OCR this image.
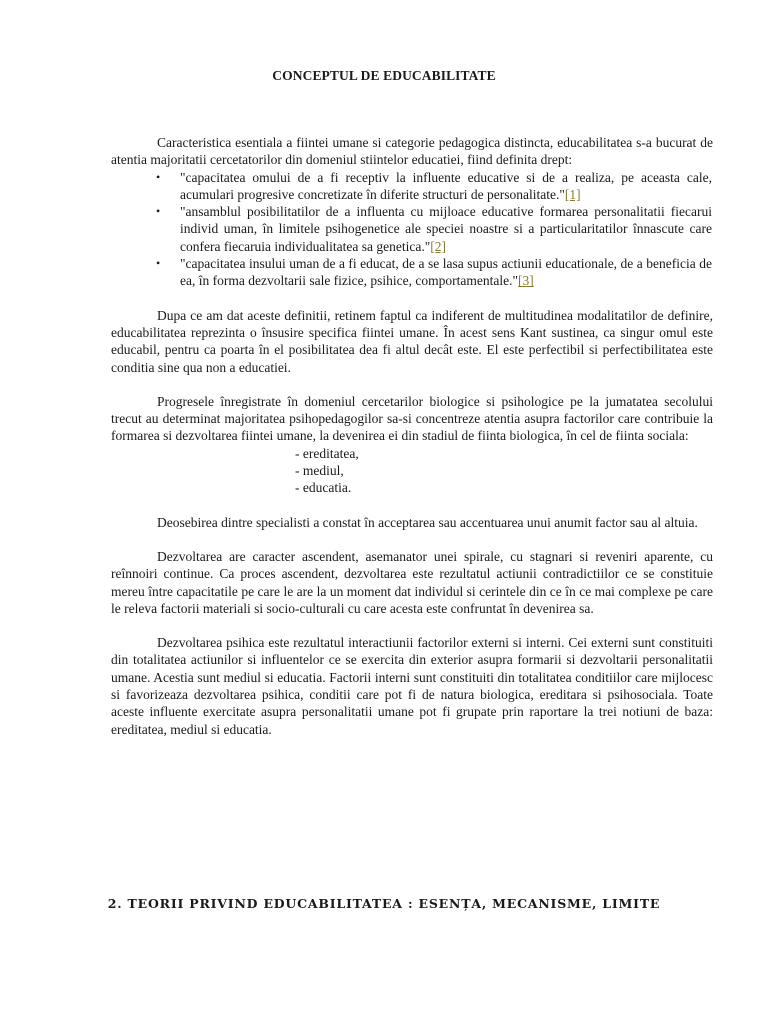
CONCEPTUL DE EDUCABILITATE

Caracteristica esentiala a fiintei umane si categorie pedagogica distincta, educabilitatea s-a bucurat de atentia majoritatii cercetatorilor din domeniul stiintelor educatiei, fiind definita drept:

• "capacitatea omului de a fi receptiv la influente educative si de a realiza, pe aceasta cale, acumulari progresive concretizate în diferite structuri de personalitate."[1]
• "ansamblul posibilitatilor de a influenta cu mijloace educative formarea personalitatii fiecarui individ uman, în limitele psihogenetice ale speciei noastre si a particularitatilor înnascute care confera fiecaruia individualitatea sa genetica."[2]
• "capacitatea insului uman de a fi educat, de a se lasa supus actiunii educationale, de a beneficia de ea, în forma dezvoltarii sale fizice, psihice, comportamentale."[3]

Dupa ce am dat aceste definitii, retinem faptul ca indiferent de multitudinea modalitatilor de definire, educabilitatea reprezinta o însusire specifica fiintei umane. În acest sens Kant sustinea, ca singur omul este educabil, pentru ca poarta în el posibilitatea dea fi altul decât este. El este perfectibil si perfectibilitatea este conditia sine qua non a educatiei.

Progresele înregistrate în domeniul cercetarilor biologice si psihologice pe la jumatatea secolului trecut au determinat majoritatea psihopedagogilor sa-si concentreze atentia asupra factorilor care contribuie la formarea si dezvoltarea fiintei umane, la devenirea ei din stadiul de fiinta biologica, în cel de fiinta sociala:

- ereditatea,
- mediul,
- educatia.

Deosebirea dintre specialisti a constat în acceptarea sau accentuarea unui anumit factor sau al altuia.

Dezvoltarea are caracter ascendent, asemanator unei spirale, cu stagnari si reveniri aparente, cu reînnoiri continue. Ca proces ascendent, dezvoltarea este rezultatul actiunii contradictiilor ce se constituie mereu între capacitatile pe care le are la un moment dat individul si cerintele din ce în ce mai complexe pe care le releva factorii materiali si socio-culturali cu care acesta este confruntat în devenirea sa.

Dezvoltarea psihica este rezultatul interactiunii factorilor externi si interni. Cei externi sunt constituiti din totalitatea actiunilor si influentelor ce se exercita din exterior asupra formarii si dezvoltarii personalitatii umane. Acestia sunt mediul si educatia. Factorii interni sunt constituiti din totalitatea conditiilor care mijlocesc si favorizeaza dezvoltarea psihica, conditii care pot fi de natura biologica, ereditara si psihosociala. Toate aceste influente exercitate asupra personalitatii umane pot fi grupate prin raportare la trei notiuni de baza: ereditatea, mediul si educatia.

2. TEORII PRIVIND EDUCABILITATEA : ESENȚA, MECANISME, LIMITE
